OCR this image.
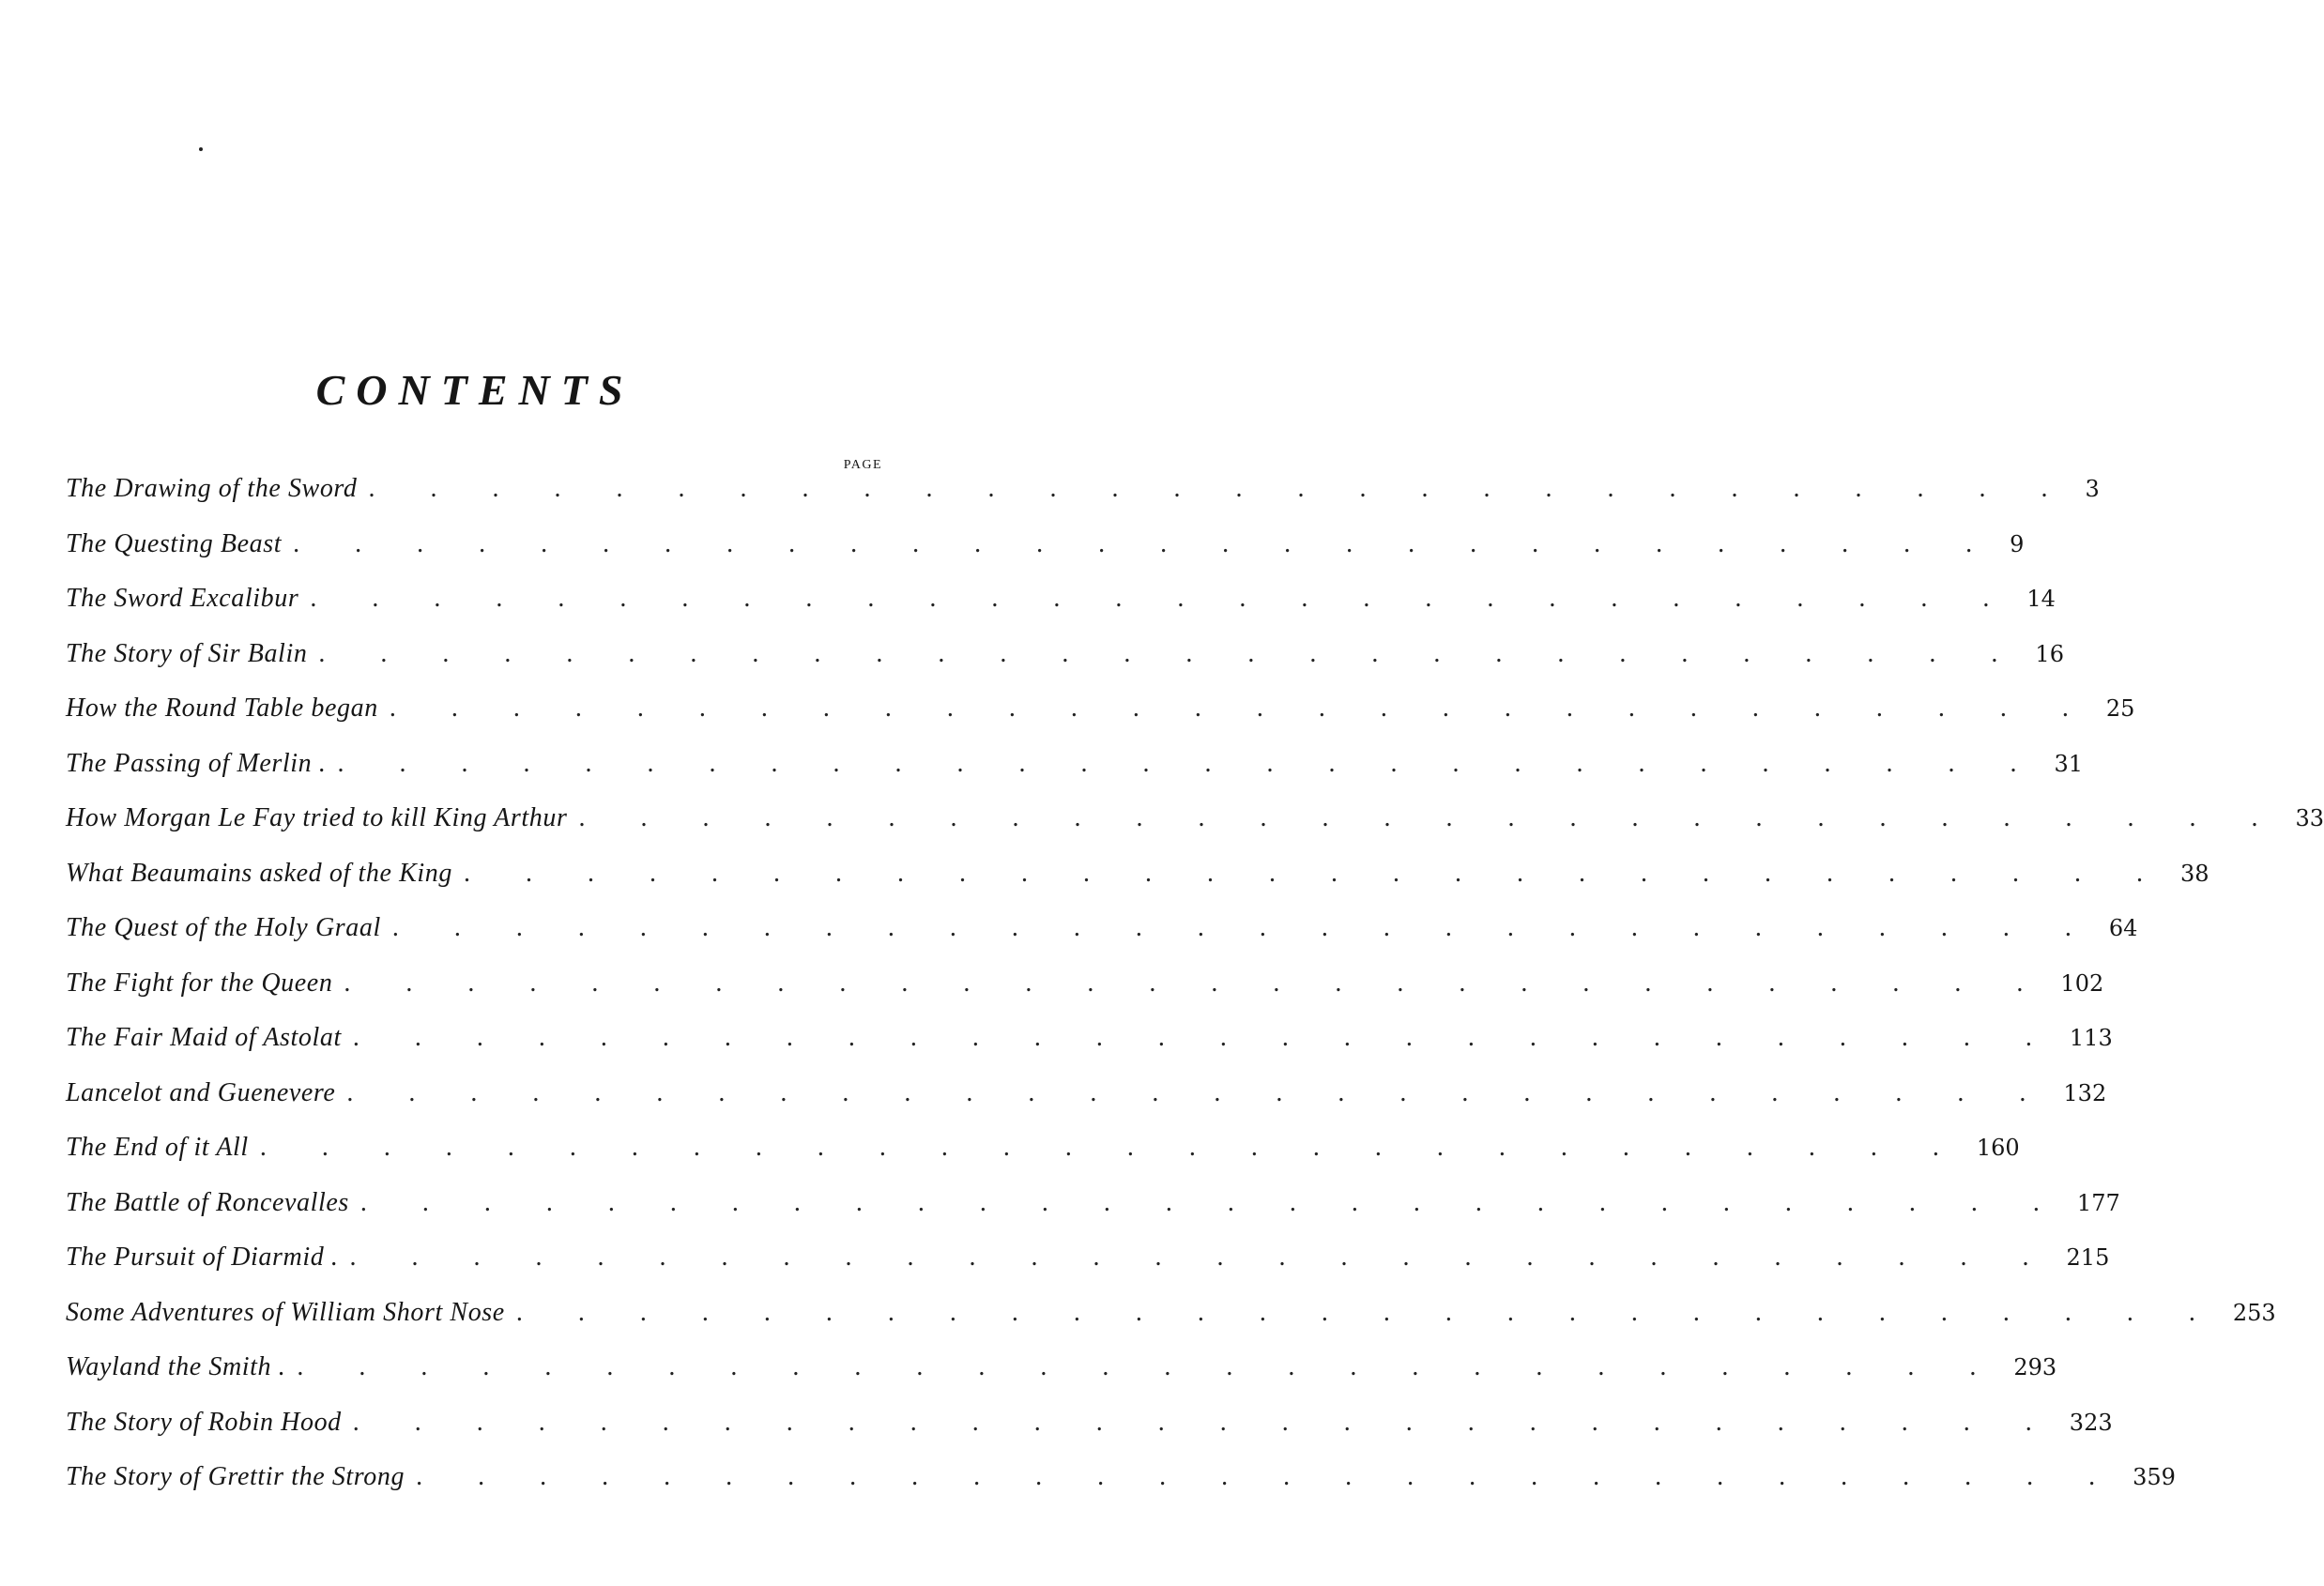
CONTENTS
PAGE
The Drawing of the Sword . . . . . . . . . . . . . . . . . . . . . . . . . . . . 3
The Questing Beast . . . . . . . . . . . . . . . . . . . . . . . . . . . . 9
The Sword Excalibur . . . . . . . . . . . . . . . . . . . . . . . . . . . . 14
The Story of Sir Balin . . . . . . . . . . . . . . . . . . . . . . . . . . . . 16
How the Round Table began . . . . . . . . . . . . . . . . . . . . . . . . . . . . 25
The Passing of Merlin . . . . . . . . . . . . . . . . . . . . . . . . . . . . . 31
How Morgan Le Fay tried to kill King Arthur . . . . . . . . . . . . . . . . . . . . . . . . . . . . 33
What Beaumains asked of the King . . . . . . . . . . . . . . . . . . . . . . . . . . . . 38
The Quest of the Holy Graal . . . . . . . . . . . . . . . . . . . . . . . . . . . . 64
The Fight for the Queen . . . . . . . . . . . . . . . . . . . . . . . . . . . . 102
The Fair Maid of Astolat . . . . . . . . . . . . . . . . . . . . . . . . . . . . 113
Lancelot and Guenevere . . . . . . . . . . . . . . . . . . . . . . . . . . . . 132
The End of it All . . . . . . . . . . . . . . . . . . . . . . . . . . . . 160
The Battle of Roncevalles . . . . . . . . . . . . . . . . . . . . . . . . . . . . 177
The Pursuit of Diarmid . . . . . . . . . . . . . . . . . . . . . . . . . . . . . 215
Some Adventures of William Short Nose . . . . . . . . . . . . . . . . . . . . . . . . . . . . 253
Wayland the Smith . . . . . . . . . . . . . . . . . . . . . . . . . . . . . 293
The Story of Robin Hood . . . . . . . . . . . . . . . . . . . . . . . . . . . . 323
The Story of Grettir the Strong . . . . . . . . . . . . . . . . . . . . . . . . . . . . 359
